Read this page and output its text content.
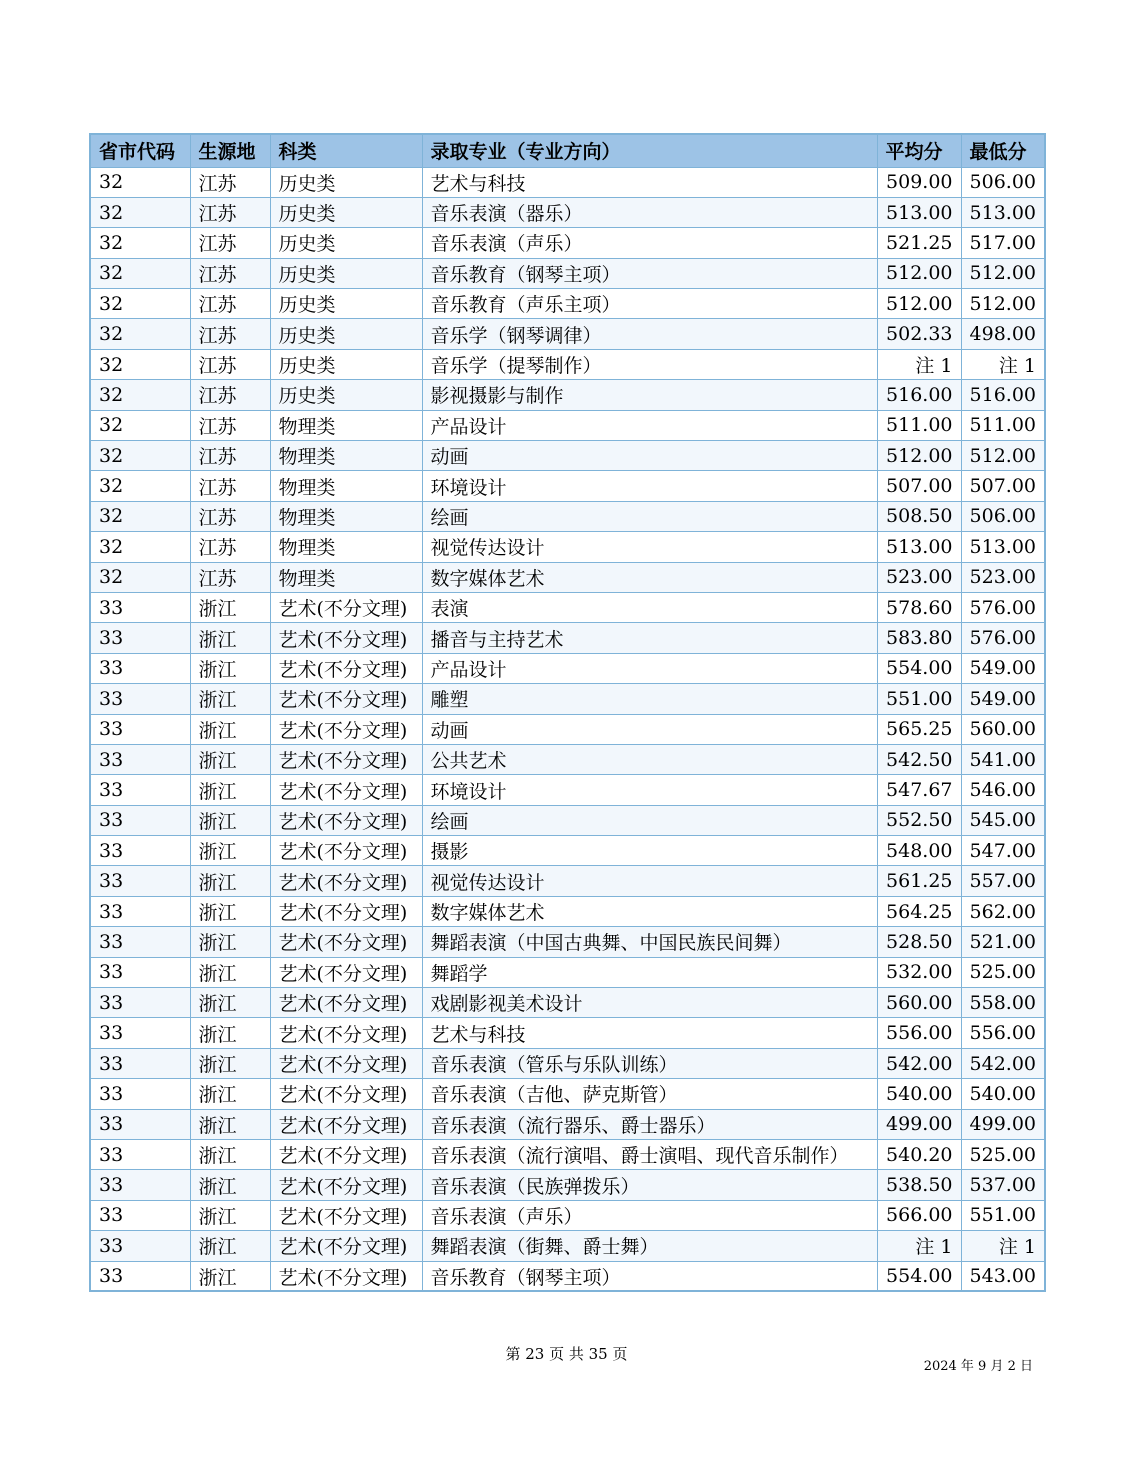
省市代码	生源地	科类	录取专业（专业方向）	平均分	最低分
32	江苏	历史类	艺术与科技	509.00	506.00
32	江苏	历史类	音乐表演（器乐）	513.00	513.00
32	江苏	历史类	音乐表演（声乐）	521.25	517.00
32	江苏	历史类	音乐教育（钢琴主项）	512.00	512.00
32	江苏	历史类	音乐教育（声乐主项）	512.00	512.00
32	江苏	历史类	音乐学（钢琴调律）	502.33	498.00
32	江苏	历史类	音乐学（提琴制作）	注 1	注 1
32	江苏	历史类	影视摄影与制作	516.00	516.00
32	江苏	物理类	产品设计	511.00	511.00
32	江苏	物理类	动画	512.00	512.00
32	江苏	物理类	环境设计	507.00	507.00
32	江苏	物理类	绘画	508.50	506.00
32	江苏	物理类	视觉传达设计	513.00	513.00
32	江苏	物理类	数字媒体艺术	523.00	523.00
33	浙江	艺术(不分文理)	表演	578.60	576.00
33	浙江	艺术(不分文理)	播音与主持艺术	583.80	576.00
33	浙江	艺术(不分文理)	产品设计	554.00	549.00
33	浙江	艺术(不分文理)	雕塑	551.00	549.00
33	浙江	艺术(不分文理)	动画	565.25	560.00
33	浙江	艺术(不分文理)	公共艺术	542.50	541.00
33	浙江	艺术(不分文理)	环境设计	547.67	546.00
33	浙江	艺术(不分文理)	绘画	552.50	545.00
33	浙江	艺术(不分文理)	摄影	548.00	547.00
33	浙江	艺术(不分文理)	视觉传达设计	561.25	557.00
33	浙江	艺术(不分文理)	数字媒体艺术	564.25	562.00
33	浙江	艺术(不分文理)	舞蹈表演（中国古典舞、中国民族民间舞）	528.50	521.00
33	浙江	艺术(不分文理)	舞蹈学	532.00	525.00
33	浙江	艺术(不分文理)	戏剧影视美术设计	560.00	558.00
33	浙江	艺术(不分文理)	艺术与科技	556.00	556.00
33	浙江	艺术(不分文理)	音乐表演（管乐与乐队训练）	542.00	542.00
33	浙江	艺术(不分文理)	音乐表演（吉他、萨克斯管）	540.00	540.00
33	浙江	艺术(不分文理)	音乐表演（流行器乐、爵士器乐）	499.00	499.00
33	浙江	艺术(不分文理)	音乐表演（流行演唱、爵士演唱、现代音乐制作）	540.20	525.00
33	浙江	艺术(不分文理)	音乐表演（民族弹拨乐）	538.50	537.00
33	浙江	艺术(不分文理)	音乐表演（声乐）	566.00	551.00
33	浙江	艺术(不分文理)	舞蹈表演（街舞、爵士舞）	注 1	注 1
33	浙江	艺术(不分文理)	音乐教育（钢琴主项）	554.00	543.00
第 23 页 共 35 页
2024 年 9 月 2 日
